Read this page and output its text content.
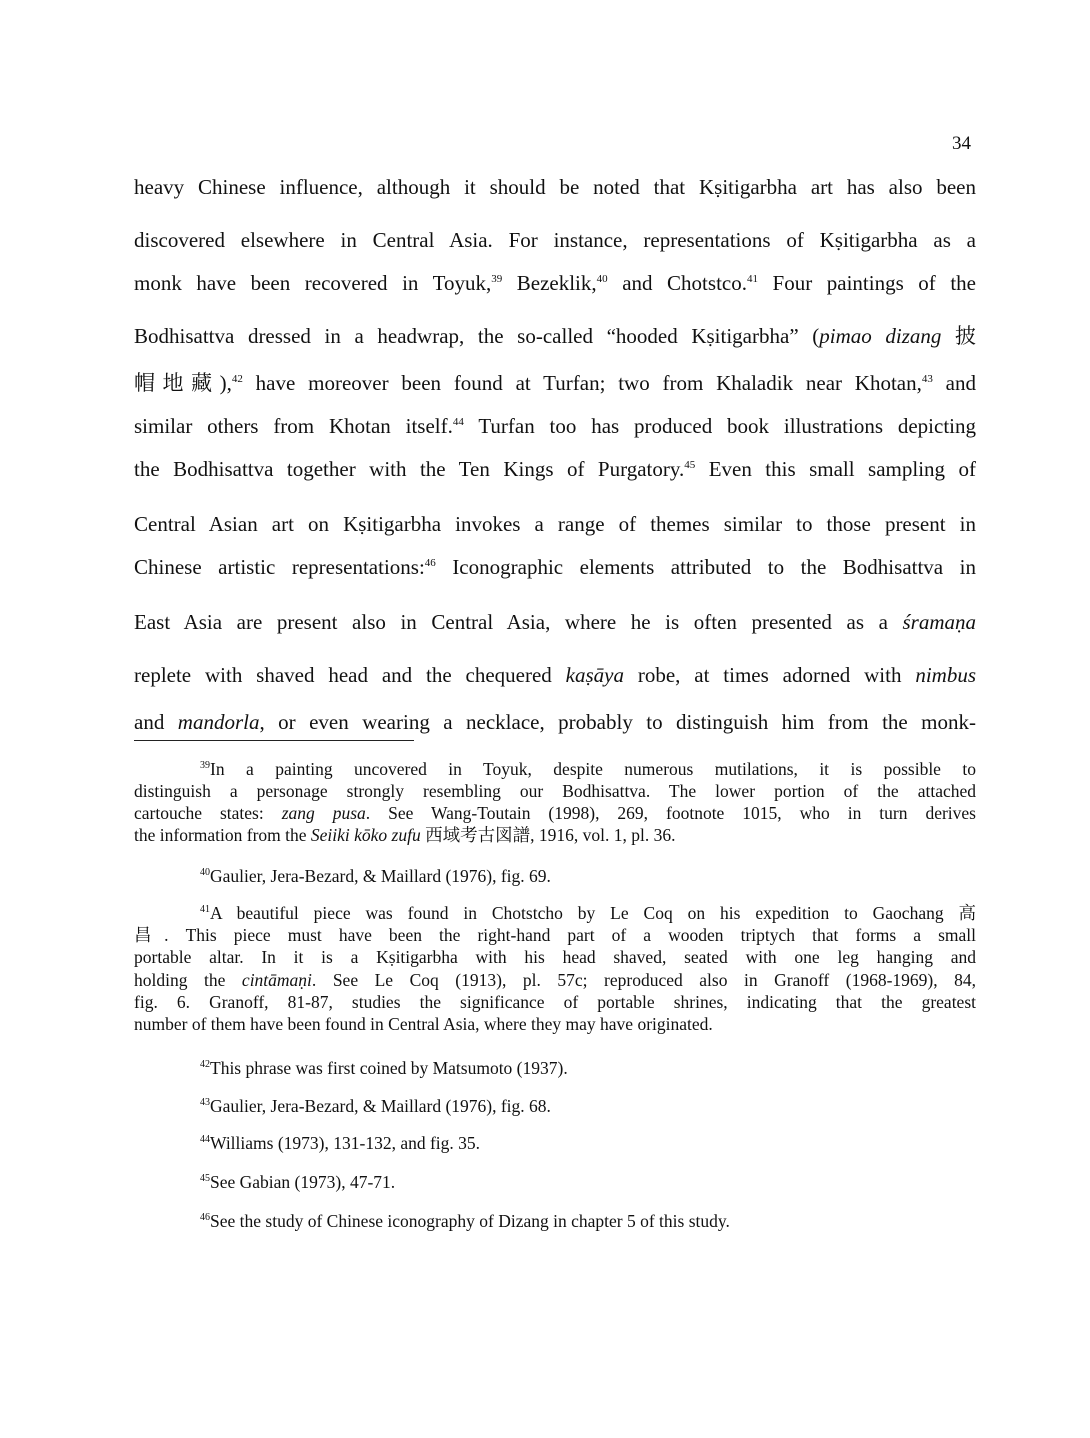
34
heavy Chinese influence, although it should be noted that Kṣitigarbha art has also been
discovered elsewhere in Central Asia. For instance, representations of Kṣitigarbha as a
monk have been recovered in Toyuk,$^{39}$ Bezeklik,$^{40}$ and Chotstco.$^{41}$ Four paintings of the
Bodhisattva dressed in a headwrap, the so-called “hooded Kṣitigarbha” (pimao dizang 披
帽地藏),$^{42}$ have moreover been found at Turfan; two from Khaladik near Khotan,$^{43}$ and
similar others from Khotan itself.$^{44}$ Turfan too has produced book illustrations depicting
the Bodhisattva together with the Ten Kings of Purgatory.$^{45}$ Even this small sampling of
Central Asian art on Kṣitigarbha invokes a range of themes similar to those present in
Chinese artistic representations:$^{46}$ Iconographic elements attributed to the Bodhisattva in
East Asia are present also in Central Asia, where he is often presented as a śramaṇa
replete with shaved head and the chequered kaṣāya robe, at times adorned with nimbus
and mandorla, or even wearing a necklace, probably to distinguish him from the monk-
$^{39}$In a painting uncovered in Toyuk, despite numerous mutilations, it is possible to
distinguish a personage strongly resembling our Bodhisattva. The lower portion of the attached
cartouche states: zang pusa. See Wang-Toutain (1998), 269, footnote 1015, who in turn derives
the information from the Seiiki kōko zufu 西域考古図譜, 1916, vol. 1, pl. 36.
$^{40}$Gaulier, Jera-Bezard, & Maillard (1976), fig. 69.
$^{41}$A beautiful piece was found in Chotstcho by Le Coq on his expedition to Gaochang 高
昌. This piece must have been the right-hand part of a wooden triptych that forms a small
portable altar. In it is a Kṣitigarbha with his head shaved, seated with one leg hanging and
holding the cintāmaṇi. See Le Coq (1913), pl. 57c; reproduced also in Granoff (1968-1969), 84,
fig. 6. Granoff, 81-87, studies the significance of portable shrines, indicating that the greatest
number of them have been found in Central Asia, where they may have originated.
$^{42}$This phrase was first coined by Matsumoto (1937).
$^{43}$Gaulier, Jera-Bezard, & Maillard (1976), fig. 68.
$^{44}$Williams (1973), 131-132, and fig. 35.
$^{45}$See Gabian (1973), 47-71.
$^{46}$See the study of Chinese iconography of Dizang in chapter 5 of this study.
